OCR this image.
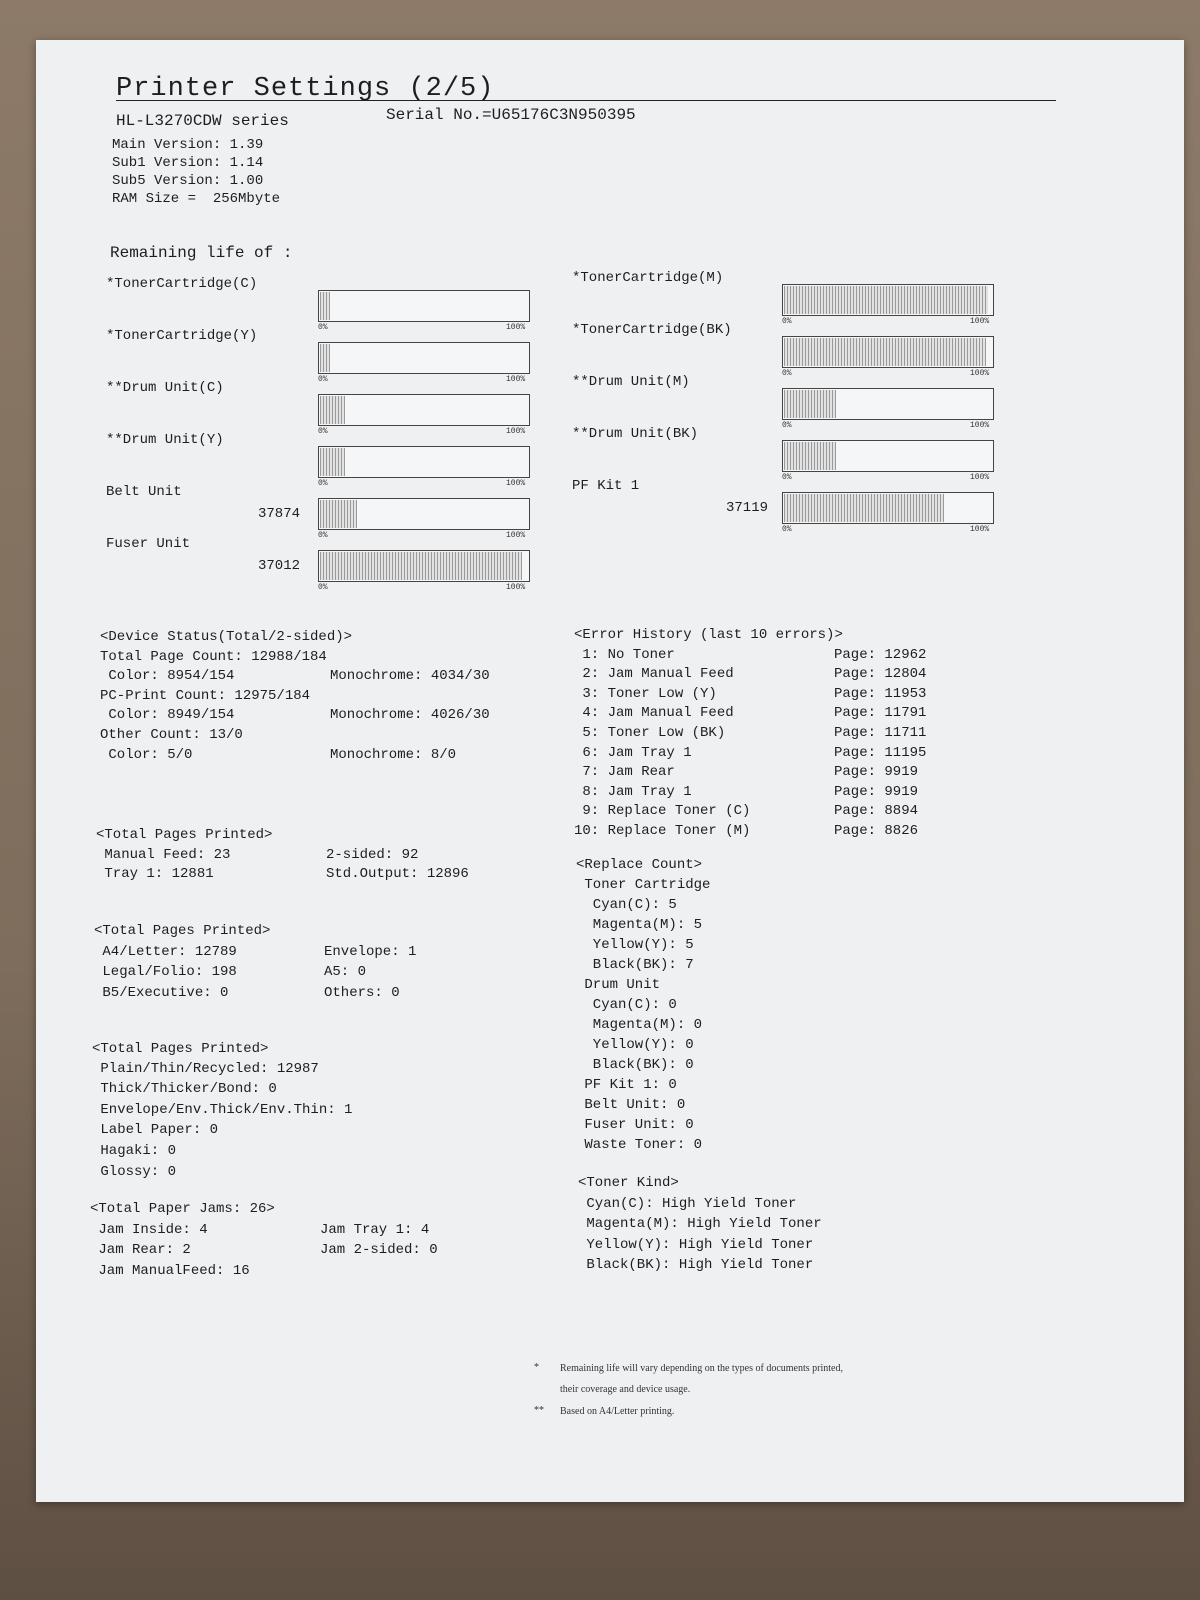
Printer Settings (2/5)
HL-L3270CDW series	Serial No.=U65176C3N950395
Main Version: 1.39
Sub1 Version: 1.14
Sub5 Version: 1.00
RAM Size =  256Mbyte
Remaining life of :
*TonerCartridge(C)
0%	100%
*TonerCartridge(Y)
0%	100%
**Drum Unit(C)
0%	100%
**Drum Unit(Y)
0%	100%
Belt Unit
37874
0%	100%
Fuser Unit
37012
0%	100%
*TonerCartridge(M)
0%	100%
*TonerCartridge(BK)
0%	100%
**Drum Unit(M)
0%	100%
**Drum Unit(BK)
0%	100%
PF Kit 1
37119
0%	100%
<Device Status(Total/2-sided)>
Total Page Count: 12988/184
Color: 8954/154	Monochrome: 4034/30
PC-Print Count: 12975/184
Color: 8949/154	Monochrome: 4026/30
Other Count: 13/0
Color: 5/0	Monochrome: 8/0
<Total Pages Printed>
Manual Feed: 23	2-sided: 92
Tray 1: 12881	Std.Output: 12896
<Total Pages Printed>
A4/Letter: 12789	Envelope: 1
Legal/Folio: 198	A5: 0
B5/Executive: 0	Others: 0
<Total Pages Printed>
Plain/Thin/Recycled: 12987
Thick/Thicker/Bond: 0
Envelope/Env.Thick/Env.Thin: 1
Label Paper: 0
Hagaki: 0
Glossy: 0
<Total Paper Jams: 26>
Jam Inside: 4	Jam Tray 1: 4
Jam Rear: 2	Jam 2-sided: 0
Jam ManualFeed: 16
<Error History (last 10 errors)>
1: No Toner	Page: 12962
2: Jam Manual Feed	Page: 12804
3: Toner Low (Y)	Page: 11953
4: Jam Manual Feed	Page: 11791
5: Toner Low (BK)	Page: 11711
6: Jam Tray 1	Page: 11195
7: Jam Rear	Page: 9919
8: Jam Tray 1	Page: 9919
9: Replace Toner (C)	Page: 8894
10: Replace Toner (M)	Page: 8826
<Replace Count>
Toner Cartridge
Cyan(C): 5
Magenta(M): 5
Yellow(Y): 5
Black(BK): 7
Drum Unit
Cyan(C): 0
Magenta(M): 0
Yellow(Y): 0
Black(BK): 0
PF Kit 1: 0
Belt Unit: 0
Fuser Unit: 0
Waste Toner: 0
<Toner Kind>
Cyan(C): High Yield Toner
Magenta(M): High Yield Toner
Yellow(Y): High Yield Toner
Black(BK): High Yield Toner
* Remaining life will vary depending on the types of documents printed,
their coverage and device usage.
** Based on A4/Letter printing.
